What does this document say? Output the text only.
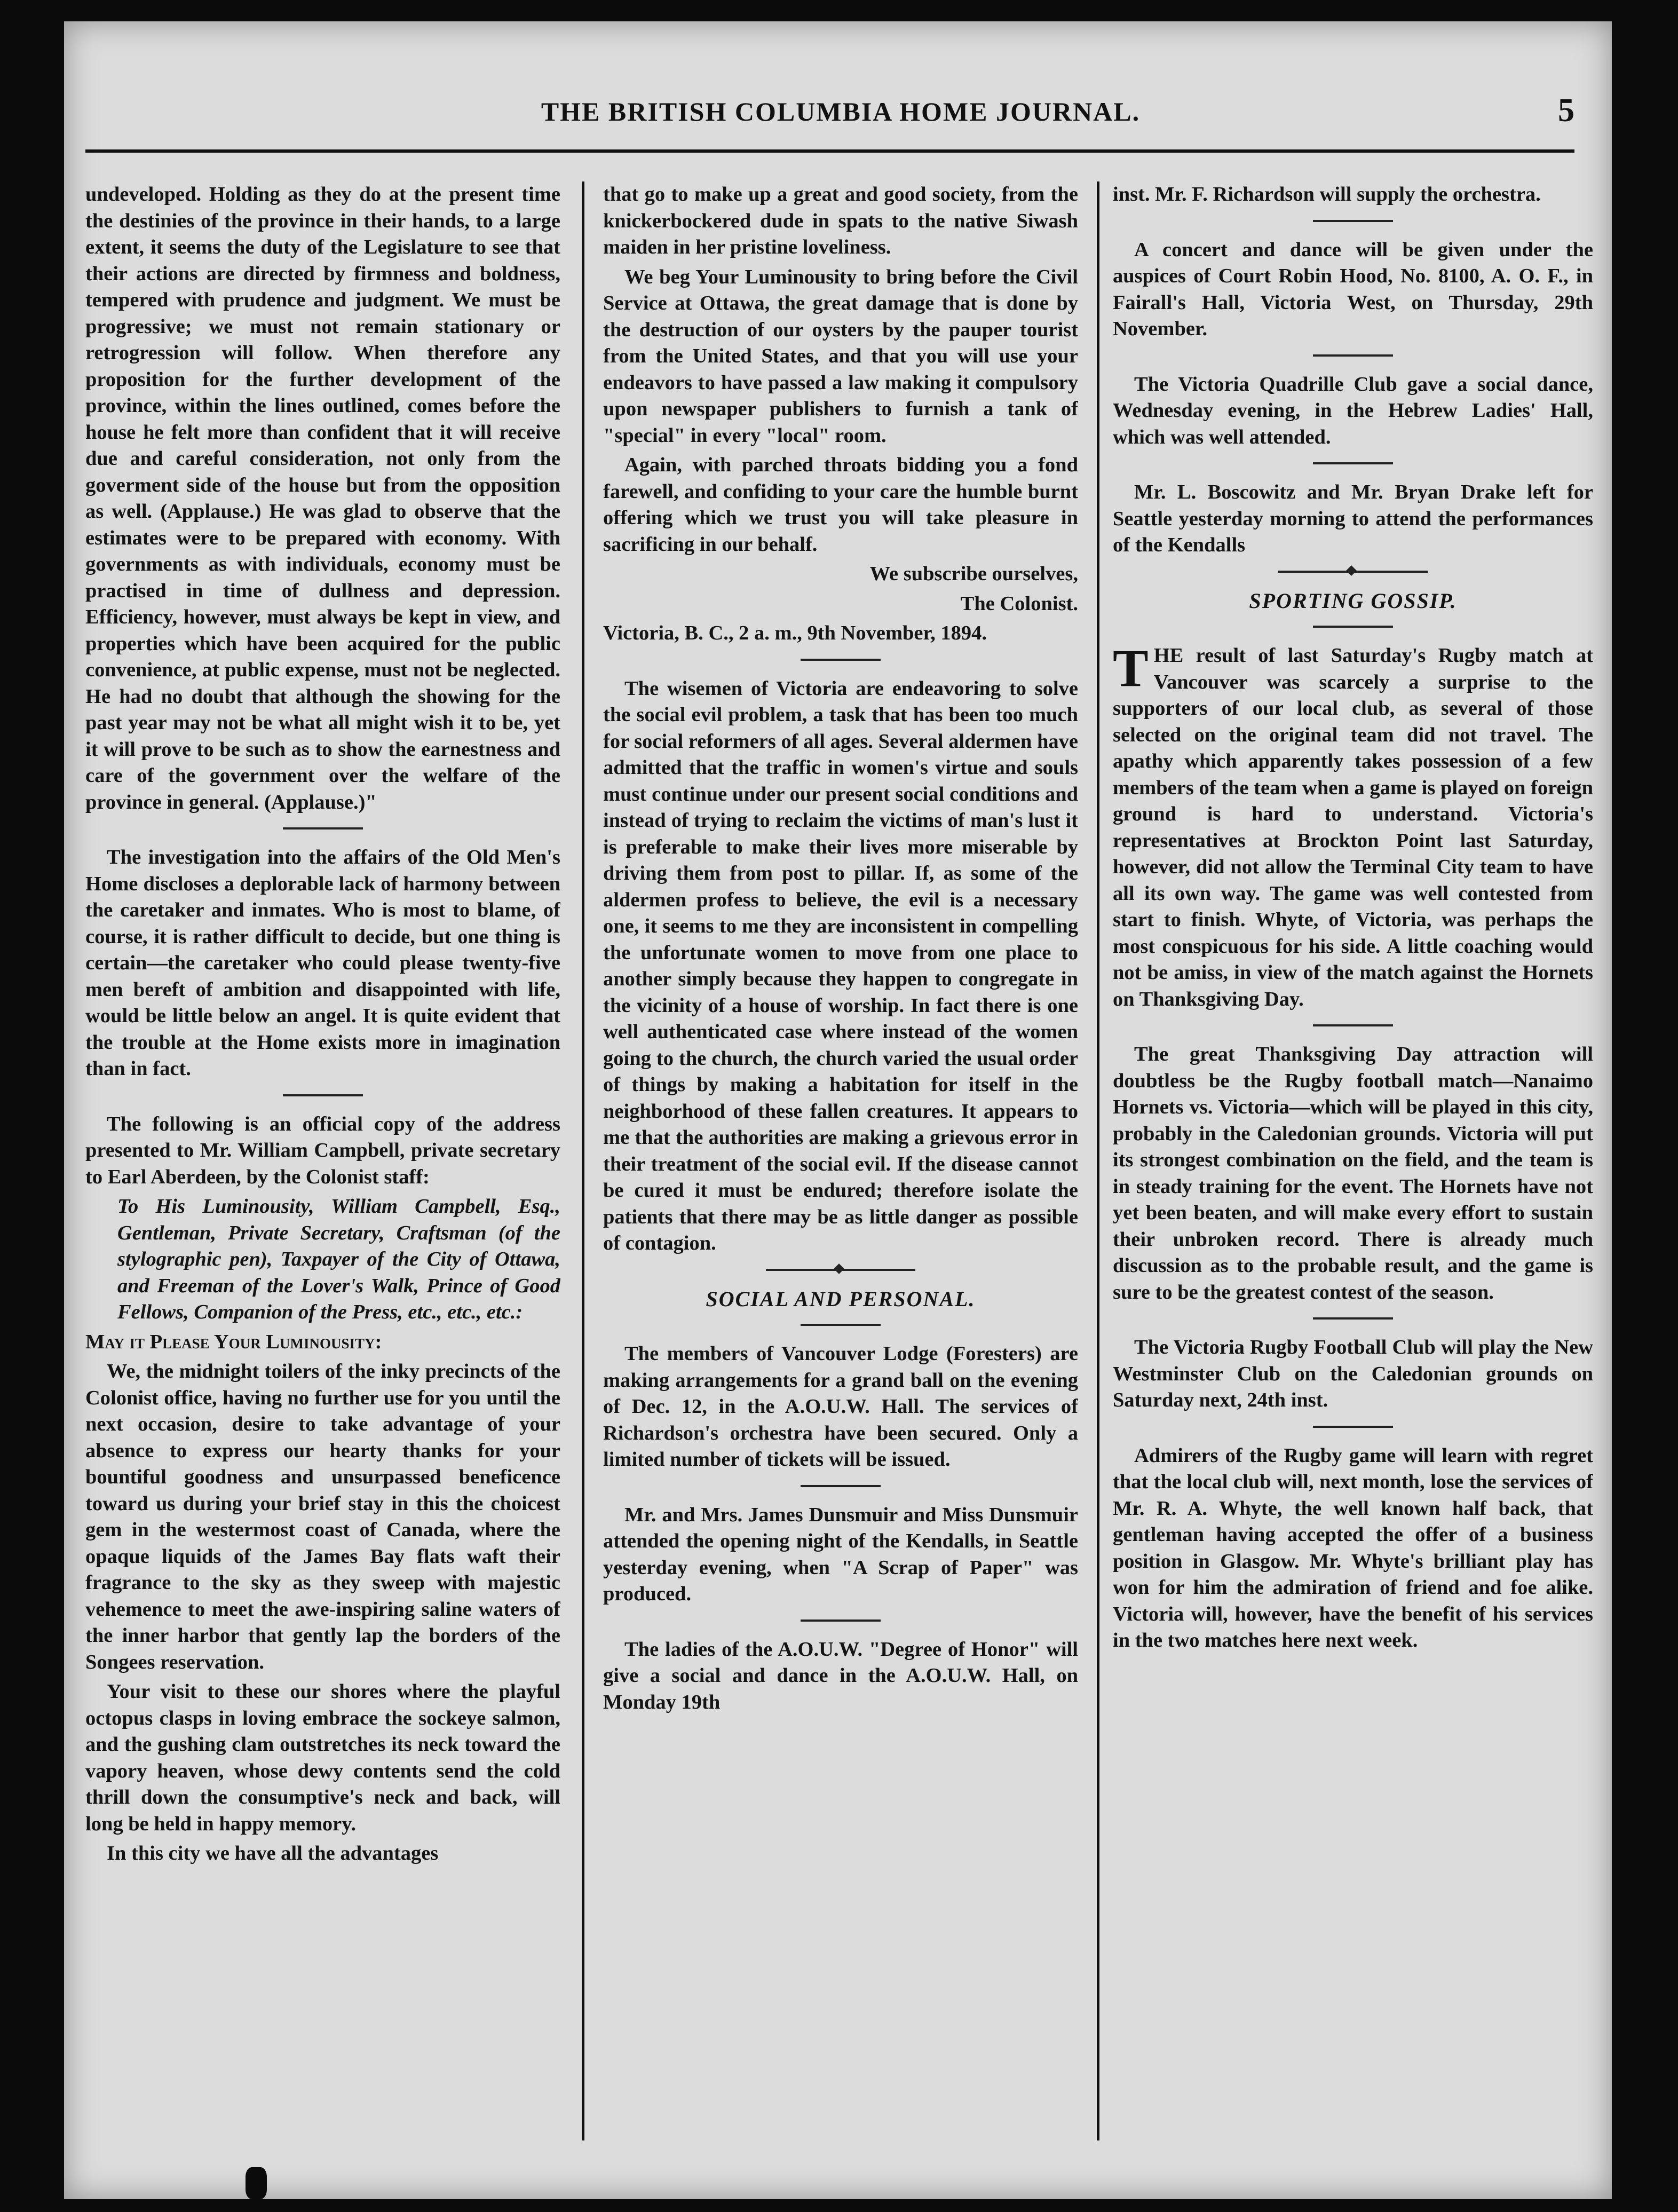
THE BRITISH COLUMBIA HOME JOURNAL.	5

undeveloped. Holding as they do at the present time the destinies of the province in their hands, to a large extent, it seems the duty of the Legislature to see that their actions are directed by firmness and boldness, tempered with prudence and judgment. We must be progressive; we must not remain stationary or retrogression will follow. When therefore any proposition for the further development of the province, within the lines outlined, comes before the house he felt more than confident that it will receive due and careful consideration, not only from the goverment side of the house but from the opposition as well. (Applause.) He was glad to observe that the estimates were to be prepared with economy. With governments as with individuals, economy must be practised in time of dullness and depression. Efficiency, however, must always be kept in view, and properties which have been acquired for the public convenience, at public expense, must not be neglected. He had no doubt that although the showing for the past year may not be what all might wish it to be, yet it will prove to be such as to show the earnestness and care of the government over the welfare of the province in general. (Applause.)"

The investigation into the affairs of the Old Men's Home discloses a deplorable lack of harmony between the caretaker and inmates. Who is most to blame, of course, it is rather difficult to decide, but one thing is certain—the caretaker who could please twenty-five men bereft of ambition and disappointed with life, would be little below an angel. It is quite evident that the trouble at the Home exists more in imagination than in fact.

The following is an official copy of the address presented to Mr. William Campbell, private secretary to Earl Aberdeen, by the Colonist staff:

To His Luminousity, William Campbell, Esq., Gentleman, Private Secretary, Craftsman (of the stylographic pen), Taxpayer of the City of Ottawa, and Freeman of the Lover's Walk, Prince of Good Fellows, Companion of the Press, etc., etc., etc.:

May it Please Your Luminousity:

We, the midnight toilers of the inky precincts of the Colonist office, having no further use for you until the next occasion, desire to take advantage of your absence to express our hearty thanks for your bountiful goodness and unsurpassed beneficence toward us during your brief stay in this the choicest gem in the westermost coast of Canada, where the opaque liquids of the James Bay flats waft their fragrance to the sky as they sweep with majestic vehemence to meet the awe-inspiring saline waters of the inner harbor that gently lap the borders of the Songees reservation.

Your visit to these our shores where the playful octopus clasps in loving embrace the sockeye salmon, and the gushing clam outstretches its neck toward the vapory heaven, whose dewy contents send the cold thrill down the consumptive's neck and back, will long be held in happy memory.

In this city we have all the advantages

that go to make up a great and good society, from the knickerbockered dude in spats to the native Siwash maiden in her pristine loveliness.

We beg Your Luminousity to bring before the Civil Service at Ottawa, the great damage that is done by the destruction of our oysters by the pauper tourist from the United States, and that you will use your endeavors to have passed a law making it compulsory upon newspaper publishers to furnish a tank of "special" in every "local" room.

Again, with parched throats bidding you a fond farewell, and confiding to your care the humble burnt offering which we trust you will take pleasure in sacrificing in our behalf.

We subscribe ourselves,

The Colonist.

Victoria, B. C., 2 a. m., 9th November, 1894.

The wisemen of Victoria are endeavoring to solve the social evil problem, a task that has been too much for social reformers of all ages. Several aldermen have admitted that the traffic in women's virtue and souls must continue under our present social conditions and instead of trying to reclaim the victims of man's lust it is preferable to make their lives more miserable by driving them from post to pillar. If, as some of the aldermen profess to believe, the evil is a necessary one, it seems to me they are inconsistent in compelling the unfortunate women to move from one place to another simply because they happen to congregate in the vicinity of a house of worship. In fact there is one well authenticated case where instead of the women going to the church, the church varied the usual order of things by making a habitation for itself in the neighborhood of these fallen creatures. It appears to me that the authorities are making a grievous error in their treatment of the social evil. If the disease cannot be cured it must be endured; therefore isolate the patients that there may be as little danger as possible of contagion.

SOCIAL AND PERSONAL.

The members of Vancouver Lodge (Foresters) are making arrangements for a grand ball on the evening of Dec. 12, in the A.O.U.W. Hall. The services of Richardson's orchestra have been secured. Only a limited number of tickets will be issued.

Mr. and Mrs. James Dunsmuir and Miss Dunsmuir attended the opening night of the Kendalls, in Seattle yesterday evening, when "A Scrap of Paper" was produced.

The ladies of the A.O.U.W. "Degree of Honor" will give a social and dance in the A.O.U.W. Hall, on Monday 19th

inst. Mr. F. Richardson will supply the orchestra.

A concert and dance will be given under the auspices of Court Robin Hood, No. 8100, A. O. F., in Fairall's Hall, Victoria West, on Thursday, 29th November.

The Victoria Quadrille Club gave a social dance, Wednesday evening, in the Hebrew Ladies' Hall, which was well attended.

Mr. L. Boscowitz and Mr. Bryan Drake left for Seattle yesterday morning to attend the performances of the Kendalls

SPORTING GOSSIP.

THE result of last Saturday's Rugby match at Vancouver was scarcely a surprise to the supporters of our local club, as several of those selected on the original team did not travel. The apathy which apparently takes possession of a few members of the team when a game is played on foreign ground is hard to understand. Victoria's representatives at Brockton Point last Saturday, however, did not allow the Terminal City team to have all its own way. The game was well contested from start to finish. Whyte, of Victoria, was perhaps the most conspicuous for his side. A little coaching would not be amiss, in view of the match against the Hornets on Thanksgiving Day.

The great Thanksgiving Day attraction will doubtless be the Rugby football match—Nanaimo Hornets vs. Victoria—which will be played in this city, probably in the Caledonian grounds. Victoria will put its strongest combination on the field, and the team is in steady training for the event. The Hornets have not yet been beaten, and will make every effort to sustain their unbroken record. There is already much discussion as to the probable result, and the game is sure to be the greatest contest of the season.

The Victoria Rugby Football Club will play the New Westminster Club on the Caledonian grounds on Saturday next, 24th inst.

Admirers of the Rugby game will learn with regret that the local club will, next month, lose the services of Mr. R. A. Whyte, the well known half back, that gentleman having accepted the offer of a business position in Glasgow. Mr. Whyte's brilliant play has won for him the admiration of friend and foe alike. Victoria will, however, have the benefit of his services in the two matches here next week.
